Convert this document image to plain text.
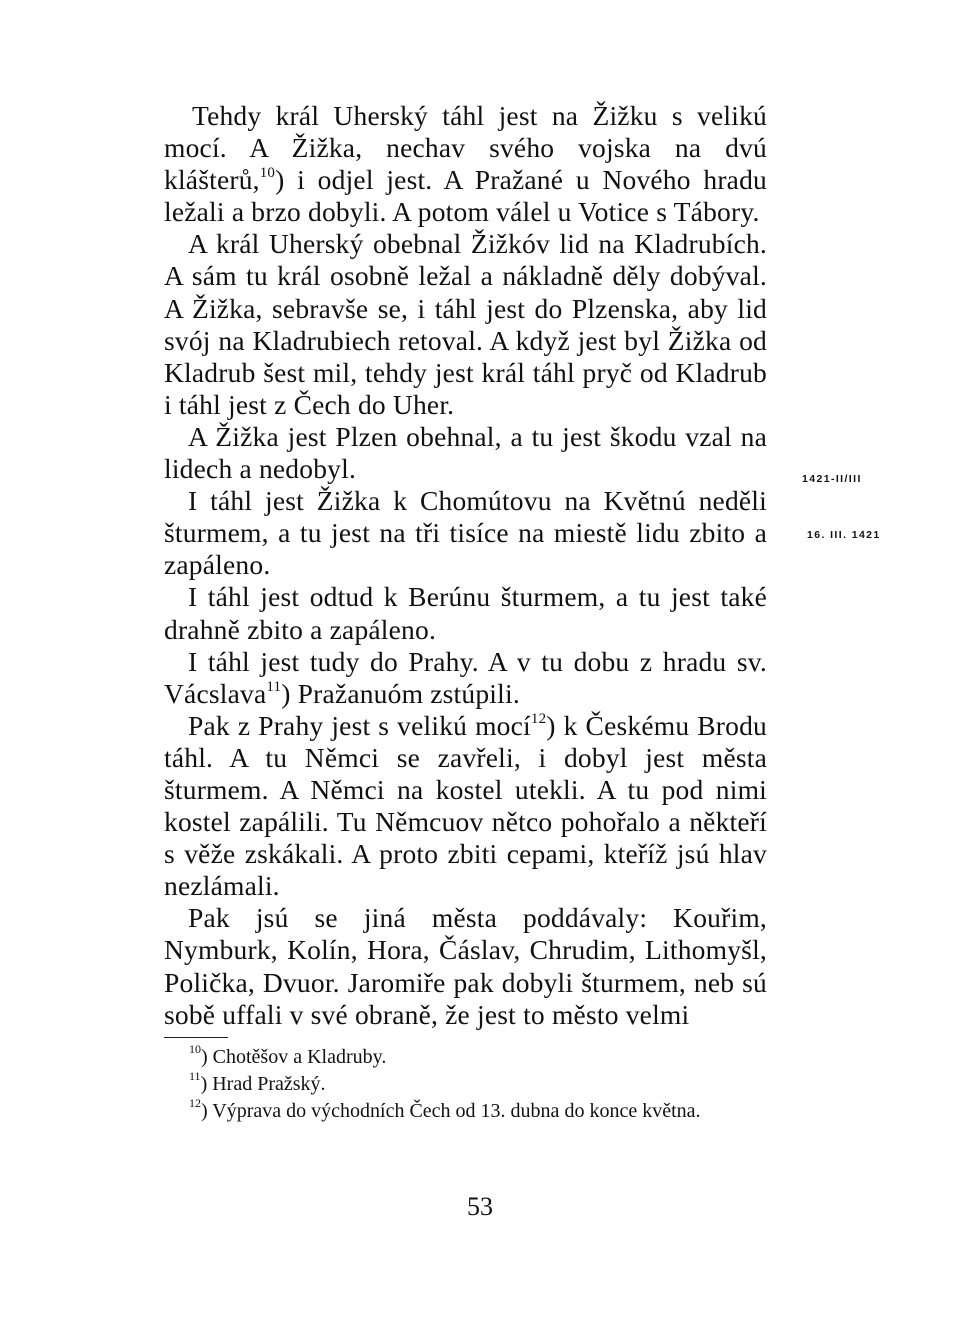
Tehdy král Uherský táhl jest na Žižku s velikú mocí. A Žižka, nechav svého vojska na dvú klášterů,$^{10}$) i odjel jest. A Pražané u Nového hradu ležali a brzo dobyli. A potom válel u Votice s Tábory.

A král Uherský obebnal Žižkóv lid na Kladrubích. A sám tu král osobně ležal a nákladně děly dobýval. A Žižka, sebravše se, i táhl jest do Plzenska, aby lid svój na Kladrubiech retoval. A když jest byl Žižka od Kladrub šest mil, tehdy jest král táhl pryč od Kladrub i táhl jest z Čech do Uher.

A Žižka jest Plzen obehnal, a tu jest škodu vzal na lidech a nedobyl.

I táhl jest Žižka k Chomútovu na Květnú neděli šturmem, a tu jest na tři tisíce na miestě lidu zbito a zapáleno.

I táhl jest odtud k Berúnu šturmem, a tu jest také drahně zbito a zapáleno.

I táhl jest tudy do Prahy. A v tu dobu z hradu sv. Vácslava$^{11}$) Pražanuóm zstúpili.

Pak z Prahy jest s velikú mocí$^{12}$) k Českému Brodu táhl. A tu Němci se zavřeli, i dobyl jest města šturmem. A Němci na kostel utekli. A tu pod nimi kostel zapálili. Tu Němcuov nětco pohořalo a někteří s věže zskákali. A proto zbiti cepami, kteříž jsú hlav nezlámali.

Pak jsú se jiná města poddávaly: Kouřim, Nymburk, Kolín, Hora, Čáslav, Chrudim, Lithomyšl, Polička, Dvuor. Jaromiře pak dobyli šturmem, neb sú sobě uffali v své obraně, že jest to město velmi

1421-II/III
16. III. 1421

$^{10}$) Chotěšov a Kladruby.

$^{11}$) Hrad Pražský.

$^{12}$) Výprava do východních Čech od 13. dubna do konce května.

53
